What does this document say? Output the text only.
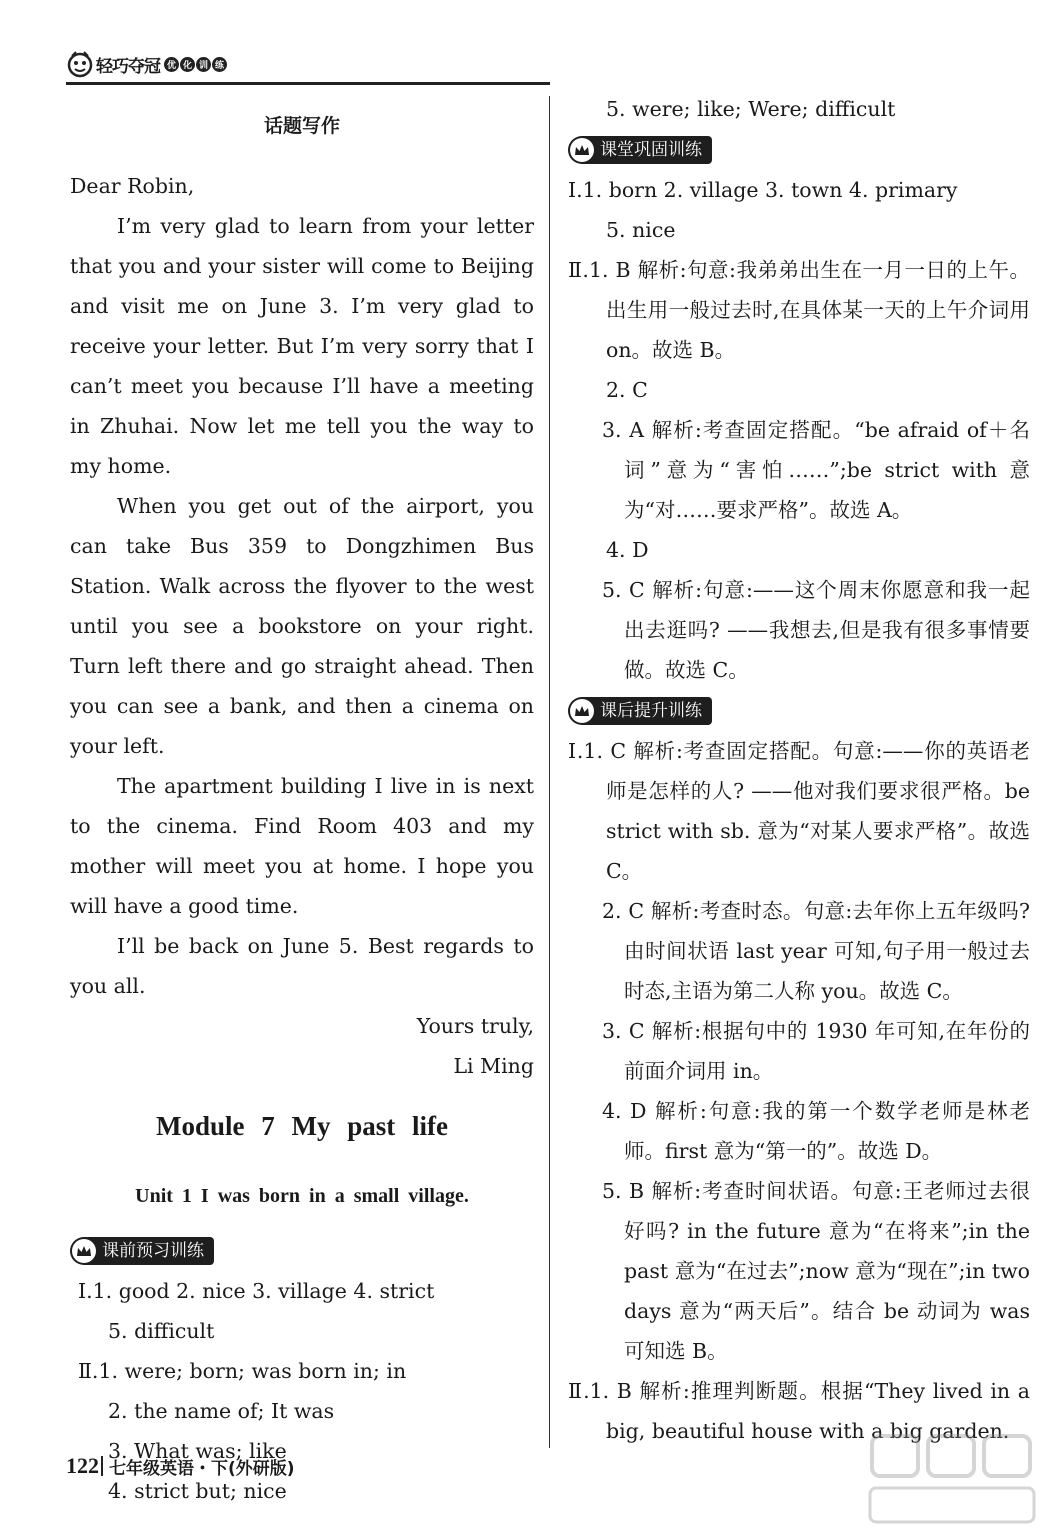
轻巧夺冠 优 化 训 练
话题写作
Dear Robin,
I’m very glad to learn from your letter that you and your sister will come to Beijing and visit me on June 3. I’m very glad to receive your letter. But I’m very sorry that I can’t meet you because I’ll have a meeting in Zhuhai. Now let me tell you the way to my home.
When you get out of the airport, you can take Bus 359 to Dongzhimen Bus Station. Walk across the flyover to the west until you see a bookstore on your right. Turn left there and go straight ahead. Then you can see a bank, and then a cinema on your left.
The apartment building I live in is next to the cinema. Find Room 403 and my mother will meet you at home. I hope you will have a good time.
I’ll be back on June 5. Best regards to you all.
Yours truly,
Li Ming
Module 7 My past life
Unit 1 I was born in a small village.
课前预习训练
Ⅰ.1. good 2. nice 3. village 4. strict
5. difficult
Ⅱ.1. were; born; was born in; in
2. the name of; It was
3. What was; like
4. strict but; nice
5. were; like; Were; difficult
课堂巩固训练
Ⅰ.1. born 2. village 3. town 4. primary
5. nice
Ⅱ.1. B 解析:句意:我弟弟出生在一月一日的上午。出生用一般过去时,在具体某一天的上午介词用 on。故选 B。
2. C
3. A 解析:考查固定搭配。“be afraid of＋名词”意为“害怕……”;be strict with 意为“对……要求严格”。故选 A。
4. D
5. C 解析:句意:——这个周末你愿意和我一起出去逛吗? ——我想去,但是我有很多事情要做。故选 C。
课后提升训练
Ⅰ.1. C 解析:考查固定搭配。句意:——你的英语老师是怎样的人? ——他对我们要求很严格。be strict with sb. 意为“对某人要求严格”。故选 C。
2. C 解析:考查时态。句意:去年你上五年级吗? 由时间状语 last year 可知,句子用一般过去时态,主语为第二人称 you。故选 C。
3. C 解析:根据句中的 1930 年可知,在年份的前面介词用 in。
4. D 解析:句意:我的第一个数学老师是林老师。first 意为“第一的”。故选 D。
5. B 解析:考查时间状语。句意:王老师过去很好吗? in the future 意为“在将来”;in the past 意为“在过去”;now 意为“现在”;in two days 意为“两天后”。结合 be 动词为 was 可知选 B。
Ⅱ.1. B 解析:推理判断题。根据“They lived in a big, beautiful house with a big garden.
122 七年级英语・下(外研版)
